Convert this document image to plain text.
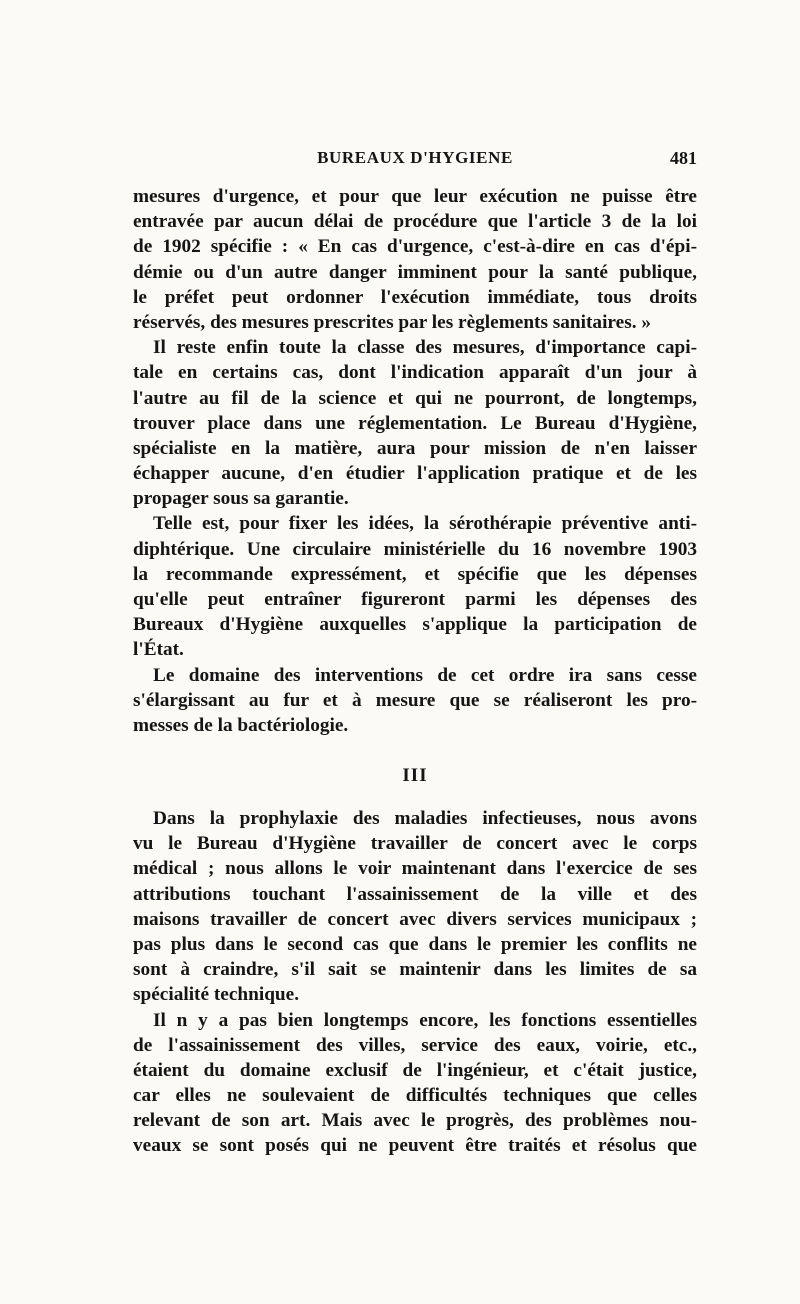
BUREAUX D'HYGIENE	481
mesures d'urgence, et pour que leur exécution ne puisse être
entravée par aucun délai de procédure que l'article 3 de la loi
de 1902 spécifie : « En cas d'urgence, c'est-à-dire en cas d'épi-
démie ou d'un autre danger imminent pour la santé publique,
le préfet peut ordonner l'exécution immédiate, tous droits
réservés, des mesures prescrites par les règlements sanitaires. »
Il reste enfin toute la classe des mesures, d'importance capi-
tale en certains cas, dont l'indication apparaît d'un jour à
l'autre au fil de la science et qui ne pourront, de longtemps,
trouver place dans une réglementation. Le Bureau d'Hygiène,
spécialiste en la matière, aura pour mission de n'en laisser
échapper aucune, d'en étudier l'application pratique et de les
propager sous sa garantie.
Telle est, pour fixer les idées, la sérothérapie préventive anti-
diphtérique. Une circulaire ministérielle du 16 novembre 1903
la recommande expressément, et spécifie que les dépenses
qu'elle peut entraîner figureront parmi les dépenses des
Bureaux d'Hygiène auxquelles s'applique la participation de
l'État.
Le domaine des interventions de cet ordre ira sans cesse
s'élargissant au fur et à mesure que se réaliseront les pro-
messes de la bactériologie.
III
Dans la prophylaxie des maladies infectieuses, nous avons
vu le Bureau d'Hygiène travailler de concert avec le corps
médical ; nous allons le voir maintenant dans l'exercice de ses
attributions touchant l'assainissement de la ville et des
maisons travailler de concert avec divers services municipaux ;
pas plus dans le second cas que dans le premier les conflits ne
sont à craindre, s'il sait se maintenir dans les limites de sa
spécialité technique.
Il n y a pas bien longtemps encore, les fonctions essentielles
de l'assainissement des villes, service des eaux, voirie, etc.,
étaient du domaine exclusif de l'ingénieur, et c'était justice,
car elles ne soulevaient de difficultés techniques que celles
relevant de son art. Mais avec le progrès, des problèmes nou-
veaux se sont posés qui ne peuvent être traités et résolus que
